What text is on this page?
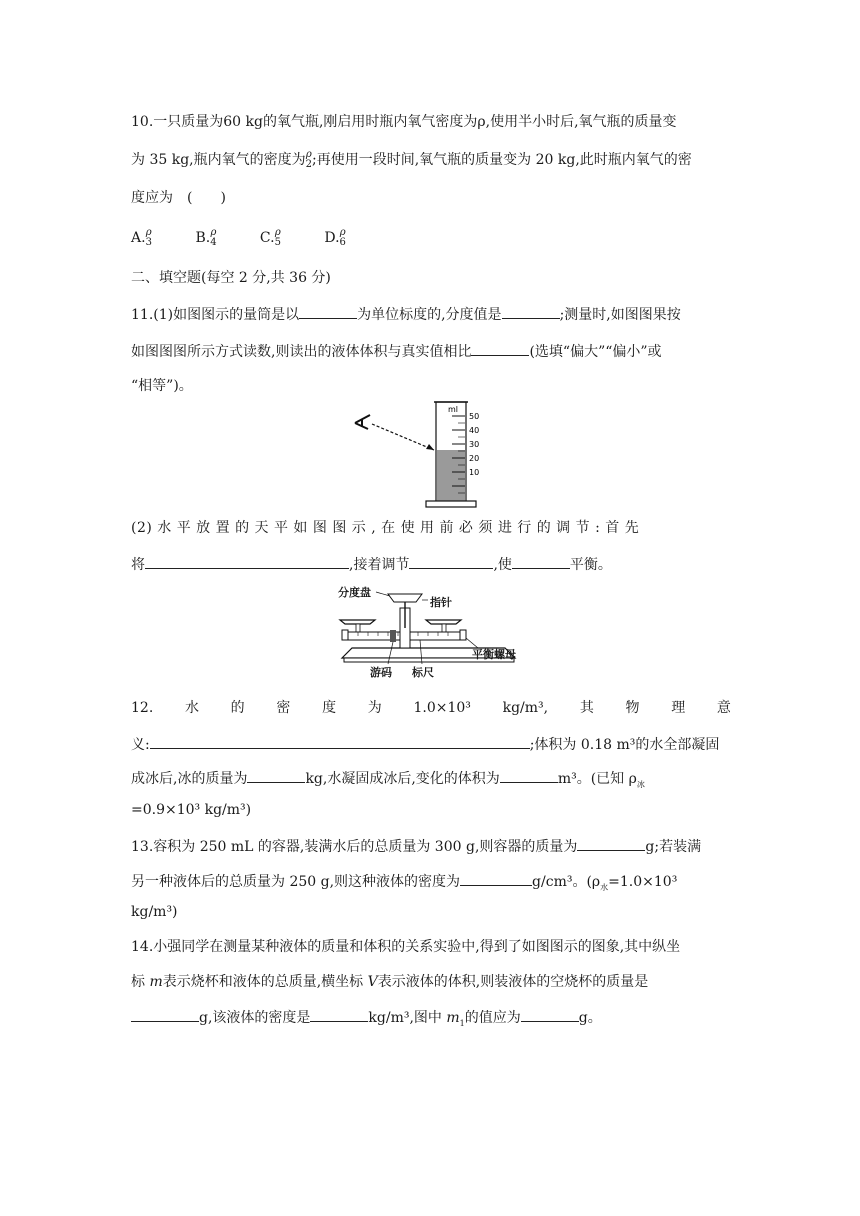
10.一只质量为60 kg的氧气瓶,刚启用时瓶内氧气密度为ρ,使用半小时后,氧气瓶的质量变
为 35 kg,瓶内氧气的密度为ρ
2 ;再使用一段时间,氧气瓶的质量变为 20 kg,此时瓶内氧气的密
度应为　(　　)
A.ρ
3	B.ρ
4	C.ρ
5	D.ρ
6
二、填空题(每空 2 分,共 36 分)
11.(1)如图图示的量筒是以	为单位标度的,分度值是	;测量时,如图图果按
如图图图所示方式读数,则读出的液体体积与真实值相比	(选填“偏大”“偏小”或
“相等”)。
ml
50
40
30
20
10
(2) 水 平 放 置 的 天 平 如 图 图 示 , 在 使 用 前 必 须 进 行 的 调 节 : 首 先
将	,接着调节	,使	平衡。
分度盘
指针
平衡螺母
游码 标尺
12. 水 的 密 度 为 1.0×10³ kg/m³, 其 物 理 意
义:	;体积为 0.18 m³的水全部凝固
成冰后,冰的质量为	kg,水凝固成冰后,变化的体积为	m³。(已知 $\rho_冰$
=0.9×10³ kg/m³)
13.容积为 250 mL 的容器,装满水后的总质量为 300 g,则容器的质量为	g;若装满
另一种液体后的总质量为 250 g,则这种液体的密度为	g/cm³。($\rho_水=1.0\times 10^3$
kg/m³)
14.小强同学在测量某种液体的质量和体积的关系实验中,得到了如图图示的图象,其中纵坐
标 m表示烧杯和液体的总质量,横坐标 V表示液体的体积,则装液体的空烧杯的质量是
g,该液体的密度是	kg/m³,图中 $m_1$的值应为	g。
